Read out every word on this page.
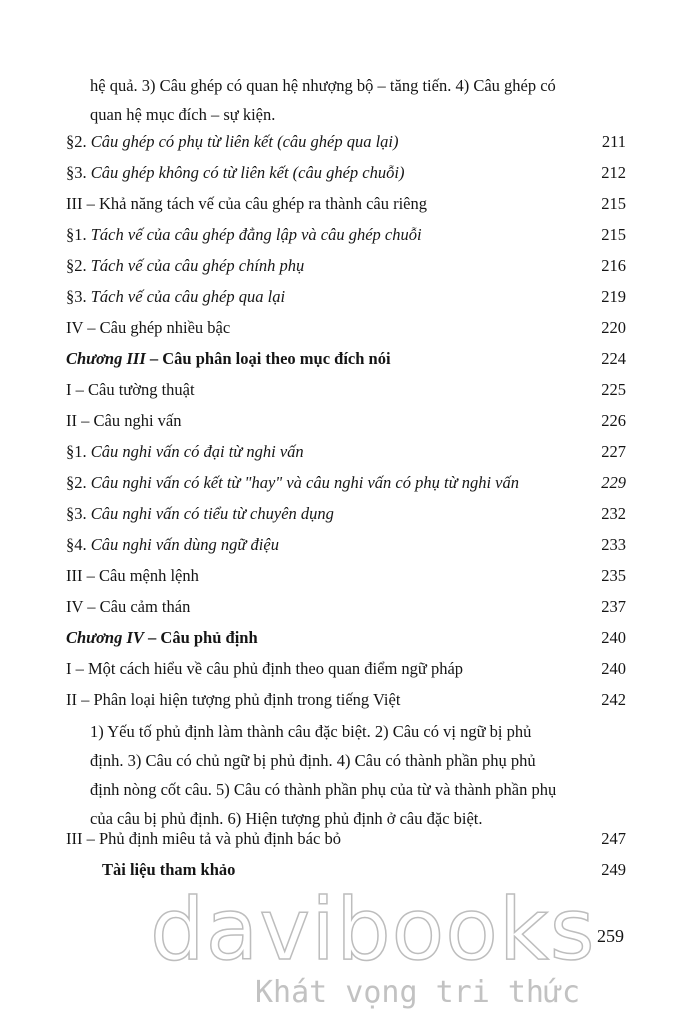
hệ quả. 3) Câu ghép có quan hệ nhượng bộ – tăng tiến. 4) Câu ghép có
quan hệ mục đích – sự kiện.

§2. Câu ghép có phụ từ liên kết (câu ghép qua lại)	211
§3. Câu ghép không có từ liên kết (câu ghép chuỗi)	212
III – Khả năng tách vế của câu ghép ra thành câu riêng	215
§1. Tách vế của câu ghép đẳng lập và câu ghép chuỗi	215
§2. Tách vế của câu ghép chính phụ	216
§3. Tách vế của câu ghép qua lại	219
IV – Câu ghép nhiều bậc	220
Chương III – Câu phân loại theo mục đích nói	224
I – Câu tường thuật	225
II – Câu nghi vấn	226
§1. Câu nghi vấn có đại từ nghi vấn	227
§2. Câu nghi vấn có kết từ "hay" và câu nghi vấn có phụ từ nghi vấn	229
§3. Câu nghi vấn có tiểu từ chuyên dụng	232
§4. Câu nghi vấn dùng ngữ điệu	233
III – Câu mệnh lệnh	235
IV – Câu cảm thán	237
Chương IV – Câu phủ định	240
I – Một cách hiểu về câu phủ định theo quan điểm ngữ pháp	240
II – Phân loại hiện tượng phủ định trong tiếng Việt	242

1) Yếu tố phủ định làm thành câu đặc biệt. 2) Câu có vị ngữ bị phủ
định. 3) Câu có chủ ngữ bị phủ định. 4) Câu có thành phần phụ phủ
định nòng cốt câu. 5) Câu có thành phần phụ của từ và thành phần phụ
của câu bị phủ định. 6) Hiện tượng phủ định ở câu đặc biệt.

III – Phủ định miêu tả và phủ định bác bỏ	247
Tài liệu tham khảo	249
davibooks 259
Khát vọng tri thức
